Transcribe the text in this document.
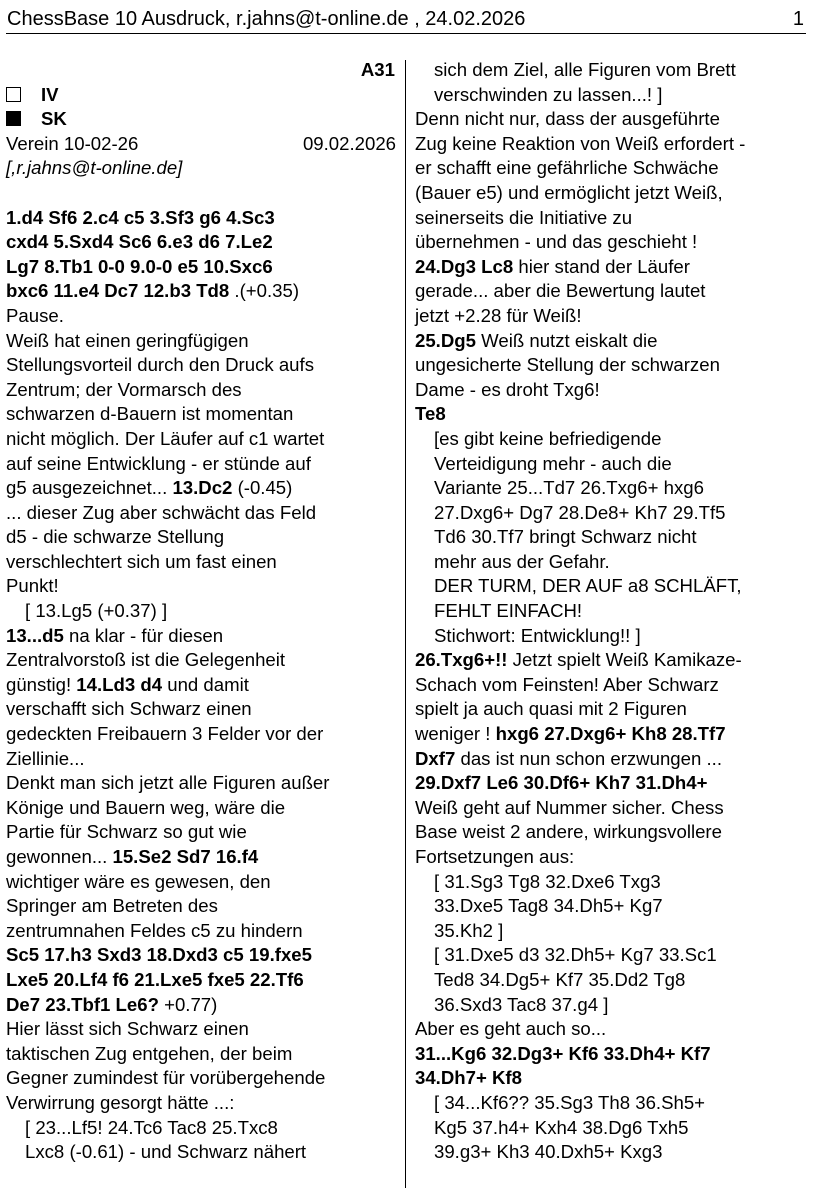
ChessBase 10 Ausdruck, r.jahns@t-online.de , 24.02.2026	1
A31
IV
SK
Verein 10-02-26	09.02.2026
[,r.jahns@t-online.de]
1.d4 Sf6 2.c4 c5 3.Sf3 g6 4.Sc3
cxd4 5.Sxd4 Sc6 6.e3 d6 7.Le2
Lg7 8.Tb1 0-0 9.0-0 e5 10.Sxc6
bxc6 11.e4 Dc7 12.b3 Td8 .(+0.35)
Pause.
Weiß hat einen geringfügigen
Stellungsvorteil durch den Druck aufs
Zentrum; der Vormarsch des
schwarzen d-Bauern ist momentan
nicht möglich. Der Läufer auf c1 wartet
auf seine Entwicklung - er stünde auf
g5 ausgezeichnet... 13.Dc2 (-0.45)
... dieser Zug aber schwächt das Feld
d5 - die schwarze Stellung
verschlechtert sich um fast einen
Punkt!
[ 13.Lg5 (+0.37) ]
13...d5 na klar - für diesen
Zentralvorstoß ist die Gelegenheit
günstig! 14.Ld3 d4 und damit
verschafft sich Schwarz einen
gedeckten Freibauern 3 Felder vor der
Ziellinie...
Denkt man sich jetzt alle Figuren außer
Könige und Bauern weg, wäre die
Partie für Schwarz so gut wie
gewonnen... 15.Se2 Sd7 16.f4
wichtiger wäre es gewesen, den
Springer am Betreten des
zentrumnahen Feldes c5 zu hindern
Sc5 17.h3 Sxd3 18.Dxd3 c5 19.fxe5
Lxe5 20.Lf4 f6 21.Lxe5 fxe5 22.Tf6
De7 23.Tbf1 Le6? +0.77)
Hier lässt sich Schwarz einen
taktischen Zug entgehen, der beim
Gegner zumindest für vorübergehende
Verwirrung gesorgt hätte ...:
[ 23...Lf5! 24.Tc6 Tac8 25.Txc8
Lxc8 (-0.61) - und Schwarz nähert
sich dem Ziel, alle Figuren vom Brett
verschwinden zu lassen...! ]
Denn nicht nur, dass der ausgeführte
Zug keine Reaktion von Weiß erfordert -
er schafft eine gefährliche Schwäche
(Bauer e5) und ermöglicht jetzt Weiß,
seinerseits die Initiative zu
übernehmen - und das geschieht !
24.Dg3 Lc8 hier stand der Läufer
gerade... aber die Bewertung lautet
jetzt +2.28 für Weiß!
25.Dg5 Weiß nutzt eiskalt die
ungesicherte Stellung der schwarzen
Dame - es droht Txg6!
Te8
[es gibt keine befriedigende
Verteidigung mehr - auch die
Variante 25...Td7 26.Txg6+ hxg6
27.Dxg6+ Dg7 28.De8+ Kh7 29.Tf5
Td6 30.Tf7 bringt Schwarz nicht
mehr aus der Gefahr.
DER TURM, DER AUF a8 SCHLÄFT,
FEHLT EINFACH!
Stichwort: Entwicklung!! ]
26.Txg6+!! Jetzt spielt Weiß Kamikaze-
Schach vom Feinsten! Aber Schwarz
spielt ja auch quasi mit 2 Figuren
weniger ! hxg6 27.Dxg6+ Kh8 28.Tf7
Dxf7 das ist nun schon erzwungen ...
29.Dxf7 Le6 30.Df6+ Kh7 31.Dh4+
Weiß geht auf Nummer sicher. Chess
Base weist 2 andere, wirkungsvollere
Fortsetzungen aus:
[ 31.Sg3 Tg8 32.Dxe6 Txg3
33.Dxe5 Tag8 34.Dh5+ Kg7
35.Kh2 ]
[ 31.Dxe5 d3 32.Dh5+ Kg7 33.Sc1
Ted8 34.Dg5+ Kf7 35.Dd2 Tg8
36.Sxd3 Tac8 37.g4 ]
Aber es geht auch so...
31...Kg6 32.Dg3+ Kf6 33.Dh4+ Kf7
34.Dh7+ Kf8
[ 34...Kf6?? 35.Sg3 Th8 36.Sh5+
Kg5 37.h4+ Kxh4 38.Dg6 Txh5
39.g3+ Kh3 40.Dxh5+ Kxg3
